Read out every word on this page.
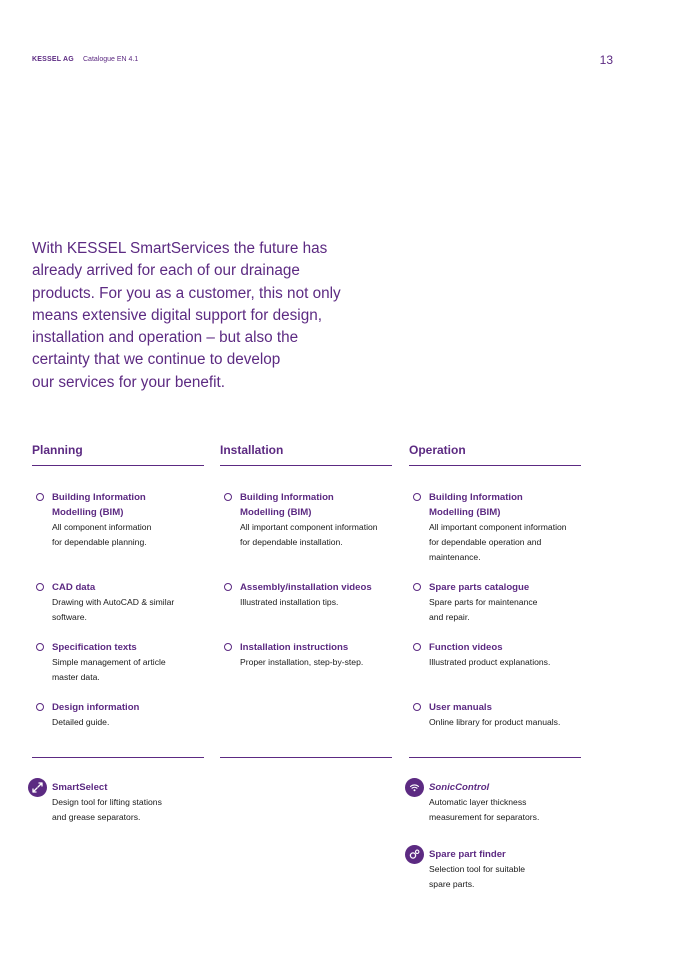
KESSEL AG Catalogue EN 4.1	13

With KESSEL SmartServices the future has
already arrived for each of our drainage
products. For you as a customer, this not only
means extensive digital support for design,
installation and operation – but also the
certainty that we continue to develop
our services for your benefit.

Planning
Building Information
Modelling (BIM)
All component information
for dependable planning.
CAD data
Drawing with AutoCAD & similar
software.
Specification texts
Simple management of article
master data.
Design information
Detailed guide.
Installation
Building Information
Modelling (BIM)
All important component information
for dependable installation.
Assembly/installation videos
Illustrated installation tips.
Installation instructions
Proper installation, step-by-step.
Operation
Building Information
Modelling (BIM)
All important component information
for dependable operation and
maintenance.
Spare parts catalogue
Spare parts for maintenance
and repair.
Function videos
Illustrated product explanations.
User manuals
Online library for product manuals.
SmartSelect
Design tool for lifting stations
and grease separators.
SonicControl
Automatic layer thickness
measurement for separators.
Spare part finder
Selection tool for suitable
spare parts.
